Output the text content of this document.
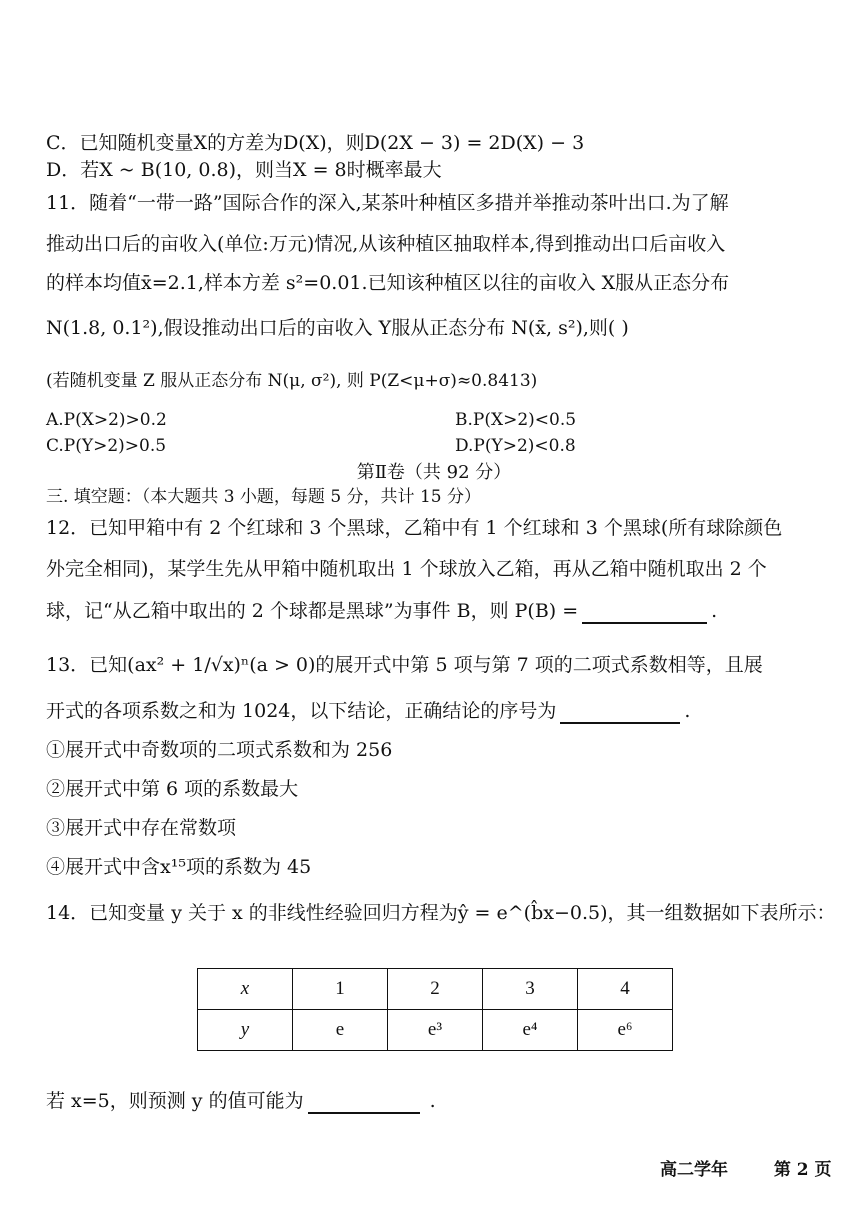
C．已知随机变量X的方差为D(X)，则D(2X − 3) = 2D(X) − 3
D．若X ~ B(10, 0.8)，则当X = 8时概率最大
11．随着“一带一路”国际合作的深入,某茶叶种植区多措并举推动茶叶出口.为了解
推动出口后的亩收入(单位:万元)情况,从该种植区抽取样本,得到推动出口后亩收入
的样本均值x̄=2.1,样本方差 s²=0.01.已知该种植区以往的亩收入 X服从正态分布
N(1.8, 0.1²),假设推动出口后的亩收入 Y服从正态分布 N(x̄, s²),则( )
(若随机变量 Z 服从正态分布 N(μ, σ²), 则 P(Z<μ+σ)≈0.8413)
A.P(X>2)>0.2	B.P(X>2)<0.5
C.P(Y>2)>0.5	D.P(Y>2)<0.8
第Ⅱ卷（共 92 分）
三. 填空题：（本大题共 3 小题，每题 5 分，共计 15 分）
12．已知甲箱中有 2 个红球和 3 个黑球，乙箱中有 1 个红球和 3 个黑球(所有球除颜色
外完全相同)，某学生先从甲箱中随机取出 1 个球放入乙箱，再从乙箱中随机取出 2 个
球，记“从乙箱中取出的 2 个球都是黑球”为事件 B，则 P(B) =	.
13．已知(ax² + 1/√x)ⁿ(a > 0)的展开式中第 5 项与第 7 项的二项式系数相等，且展
开式的各项系数之和为 1024，以下结论，正确结论的序号为	.
①展开式中奇数项的二项式系数和为 256
②展开式中第 6 项的系数最大
③展开式中存在常数项
④展开式中含x¹⁵项的系数为 45
14．已知变量 y 关于 x 的非线性经验回归方程为ŷ = e^(b̂x−0.5)，其一组数据如下表所示：
x	1	2	3	4
y	e	e³	e⁴	e⁶
若 x=5，则预测 y 的值可能为	.
高二学年	第 2 页
